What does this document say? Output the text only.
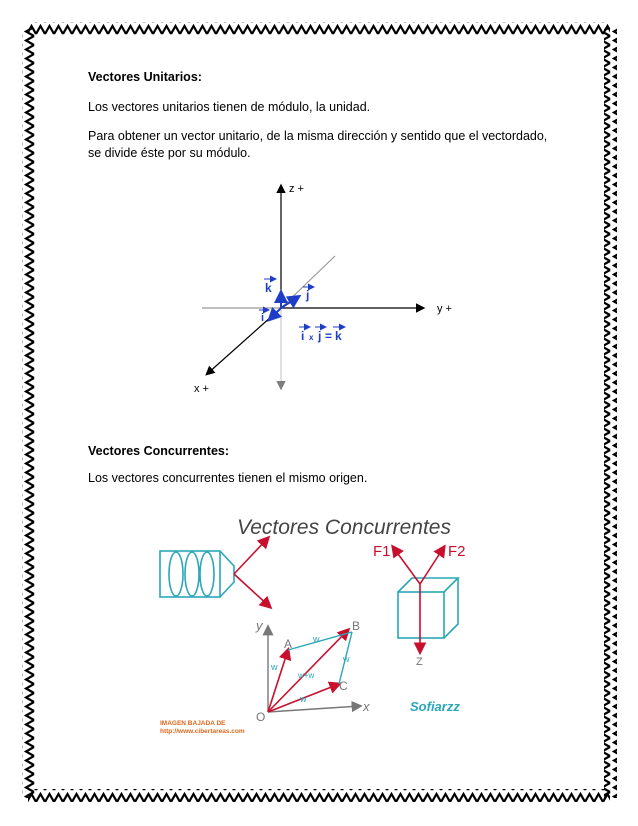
Vectores Unitarios:

Los vectores unitarios tienen de módulo, la unidad.

Para obtener un vector unitario, de la misma dirección y sentido que el vectordado,

se divide éste por su módulo.

z +
y +
x +
k	j
i
i x j = k

Vectores Concurrentes:

Los vectores concurrentes tienen el mismo origen.

Vectores Concurrentes
F1	F2
Z
y
x
O
A
B
C
w
w
w
w
w+w
IMAGEN BAJADA DE
http://www.cibertareas.com
Sofiarzz
